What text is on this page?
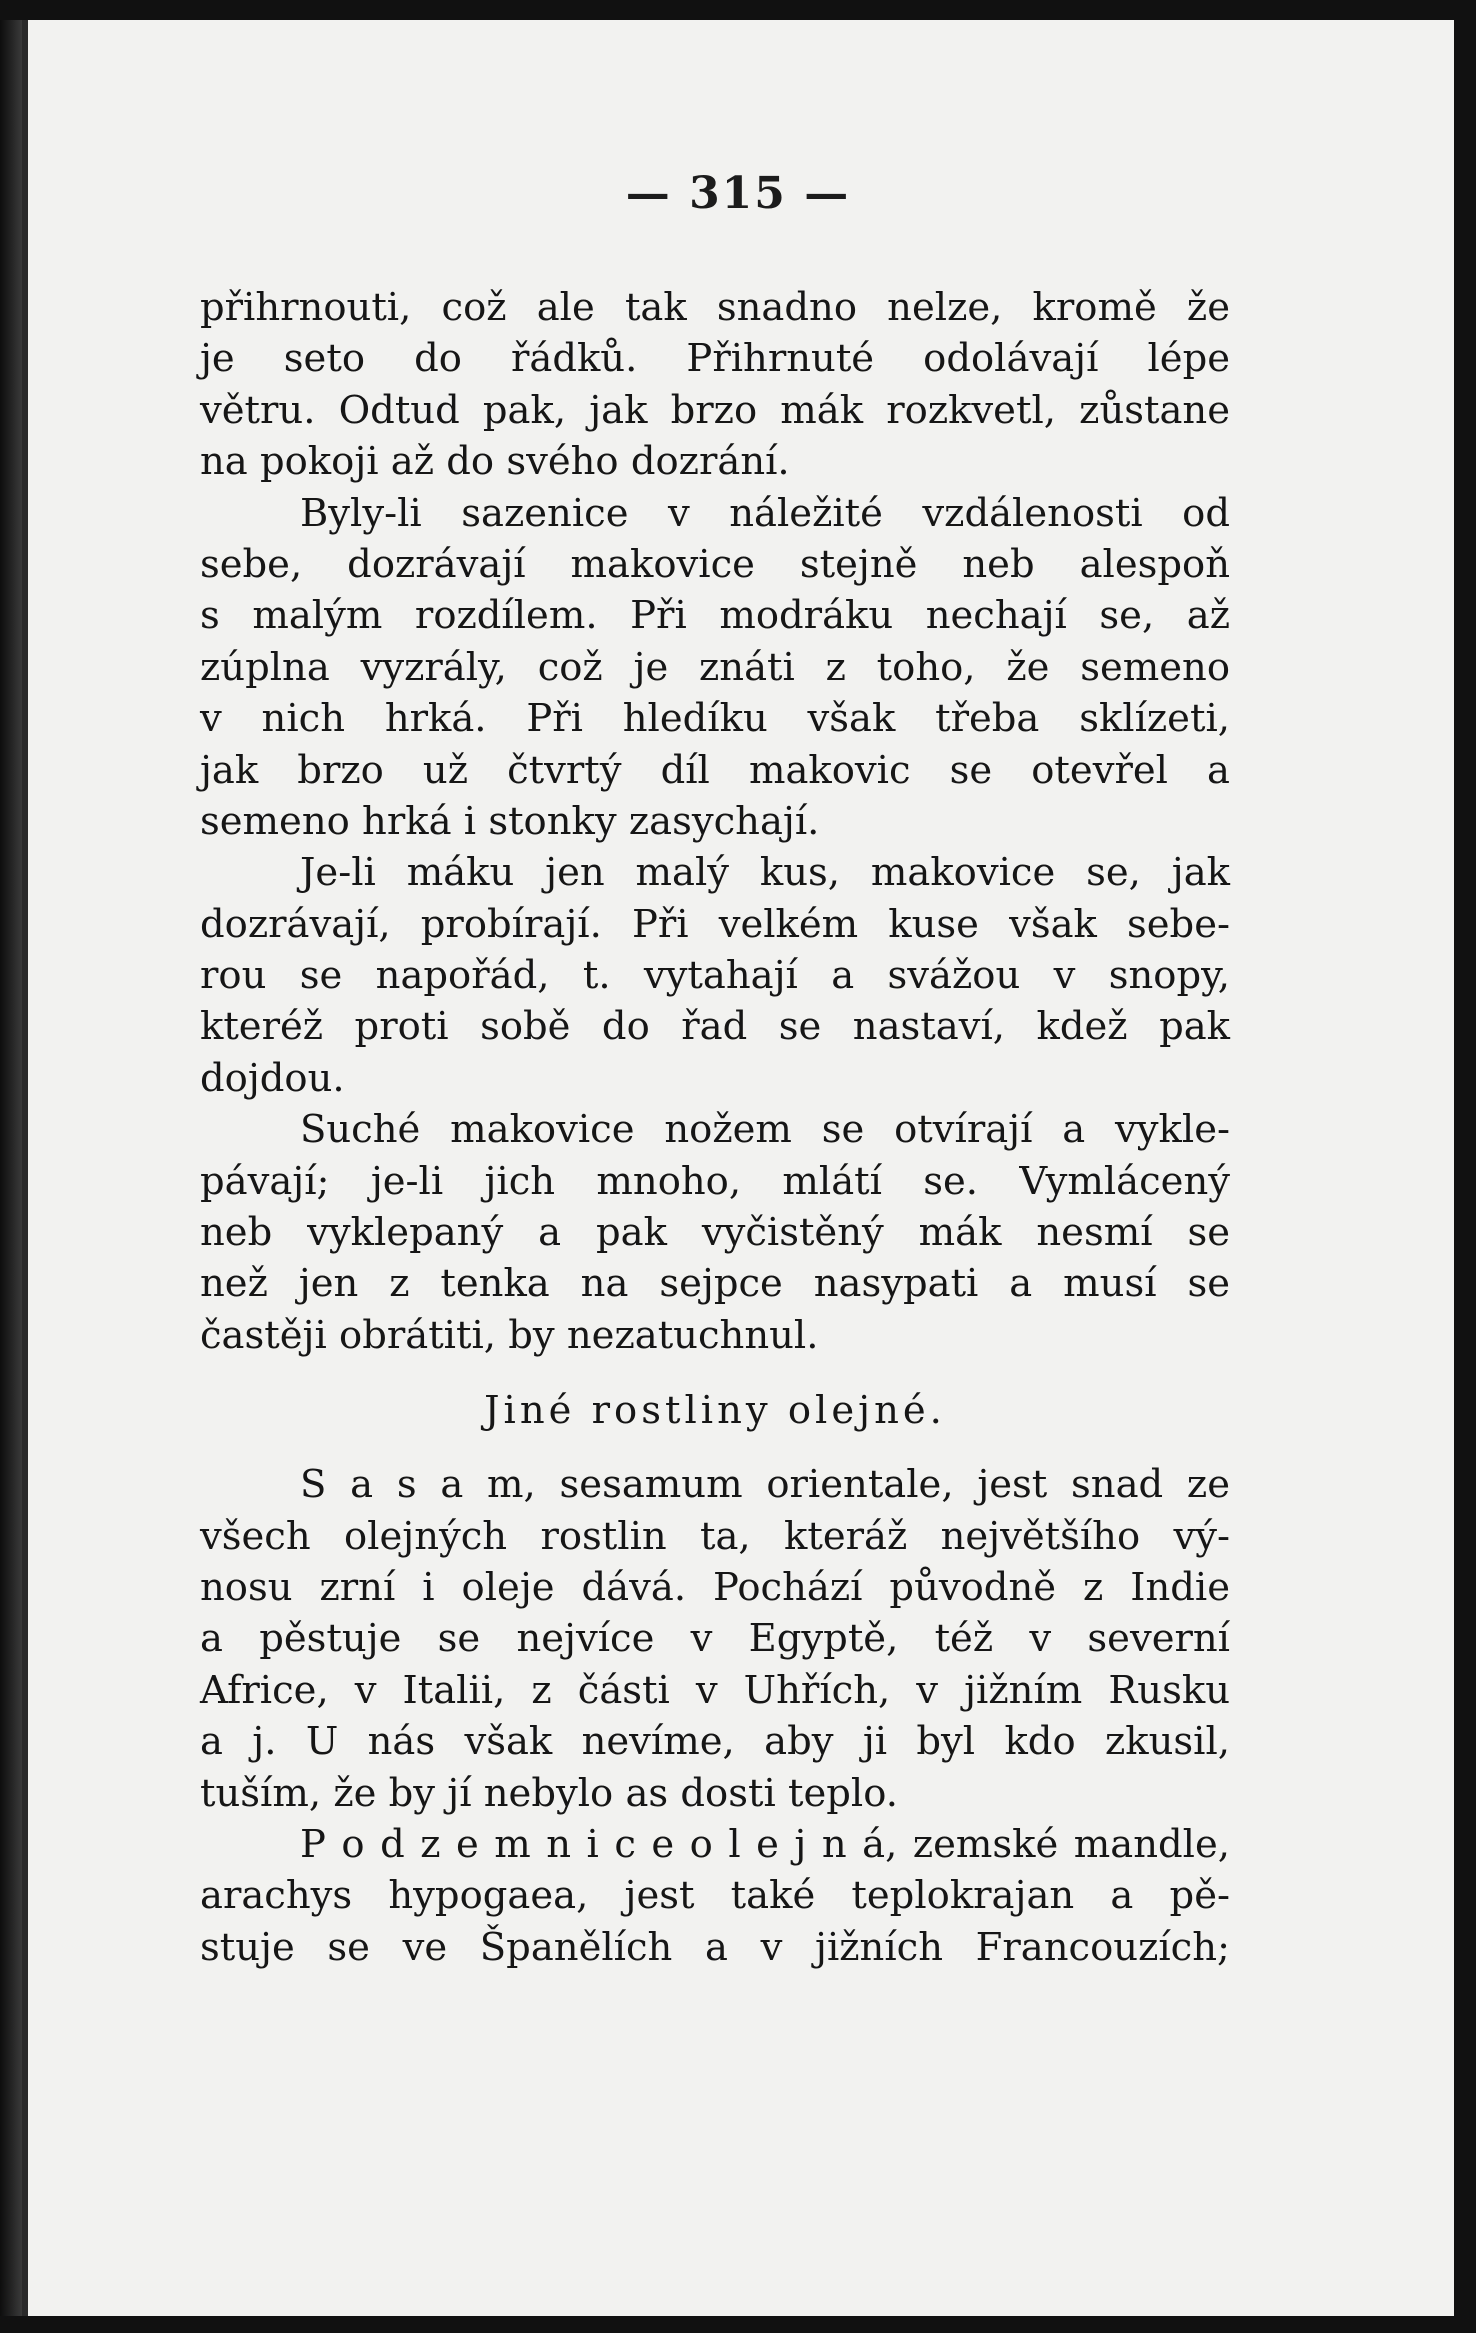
— 315 —
přihrnouti, což ale tak snadno nelze, kromě že
je seto do řádků. Přihrnuté odolávají lépe
větru. Odtud pak, jak brzo mák rozkvetl, zůstane
na pokoji až do svého dozrání.
Byly-li sazenice v náležité vzdálenosti od
sebe, dozrávají makovice stejně neb alespoň
s malým rozdílem. Při modráku nechají se, až
zúplna vyzrály, což je znáti z toho, že semeno
v nich hrká. Při hledíku však třeba sklízeti,
jak brzo už čtvrtý díl makovic se otevřel a
semeno hrká i stonky zasychají.
Je-li máku jen malý kus, makovice se, jak
dozrávají, probírají. Při velkém kuse však sebe-
rou se napořád, t. vytahají a svážou v snopy,
kteréž proti sobě do řad se nastaví, kdež pak
dojdou.
Suché makovice nožem se otvírají a vykle-
pávají; je-li jich mnoho, mlátí se. Vymlácený
neb vyklepaný a pak vyčistěný mák nesmí se
než jen z tenka na sejpce nasypati a musí se
častěji obrátiti, by nezatuchnul.
Jiné rostliny olejné.
S a s a m, sesamum orientale, jest snad ze
všech olejných rostlin ta, kteráž největšího vý-
nosu zrní i oleje dává. Pochází původně z Indie
a pěstuje se nejvíce v Egyptě, též v severní
Africe, v Italii, z části v Uhřích, v jižním Rusku
a j. U nás však nevíme, aby ji byl kdo zkusil,
tuším, že by jí nebylo as dosti teplo.
P o d z e m n i c e o l e j n á, zemské mandle,
arachys hypogaea, jest také teplokrajan a pě-
stuje se ve Španělích a v jižních Francouzích;
